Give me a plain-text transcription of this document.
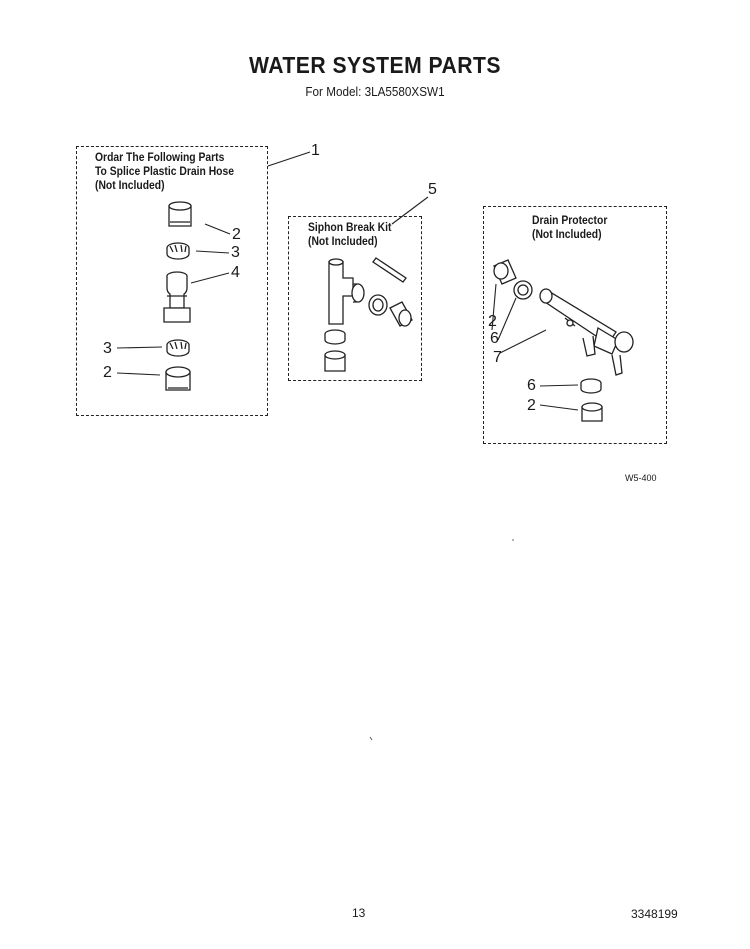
WATER SYSTEM PARTS
For Model: 3LA5580XSW1
Ordar The Following Parts
To Splice Plastic Drain Hose
(Not Included)
Siphon Break Kit
(Not Included)
Drain Protector
(Not Included)
1
5
2
3
4
3
2
2
6
7
6
2
W5-400
13	3348199
